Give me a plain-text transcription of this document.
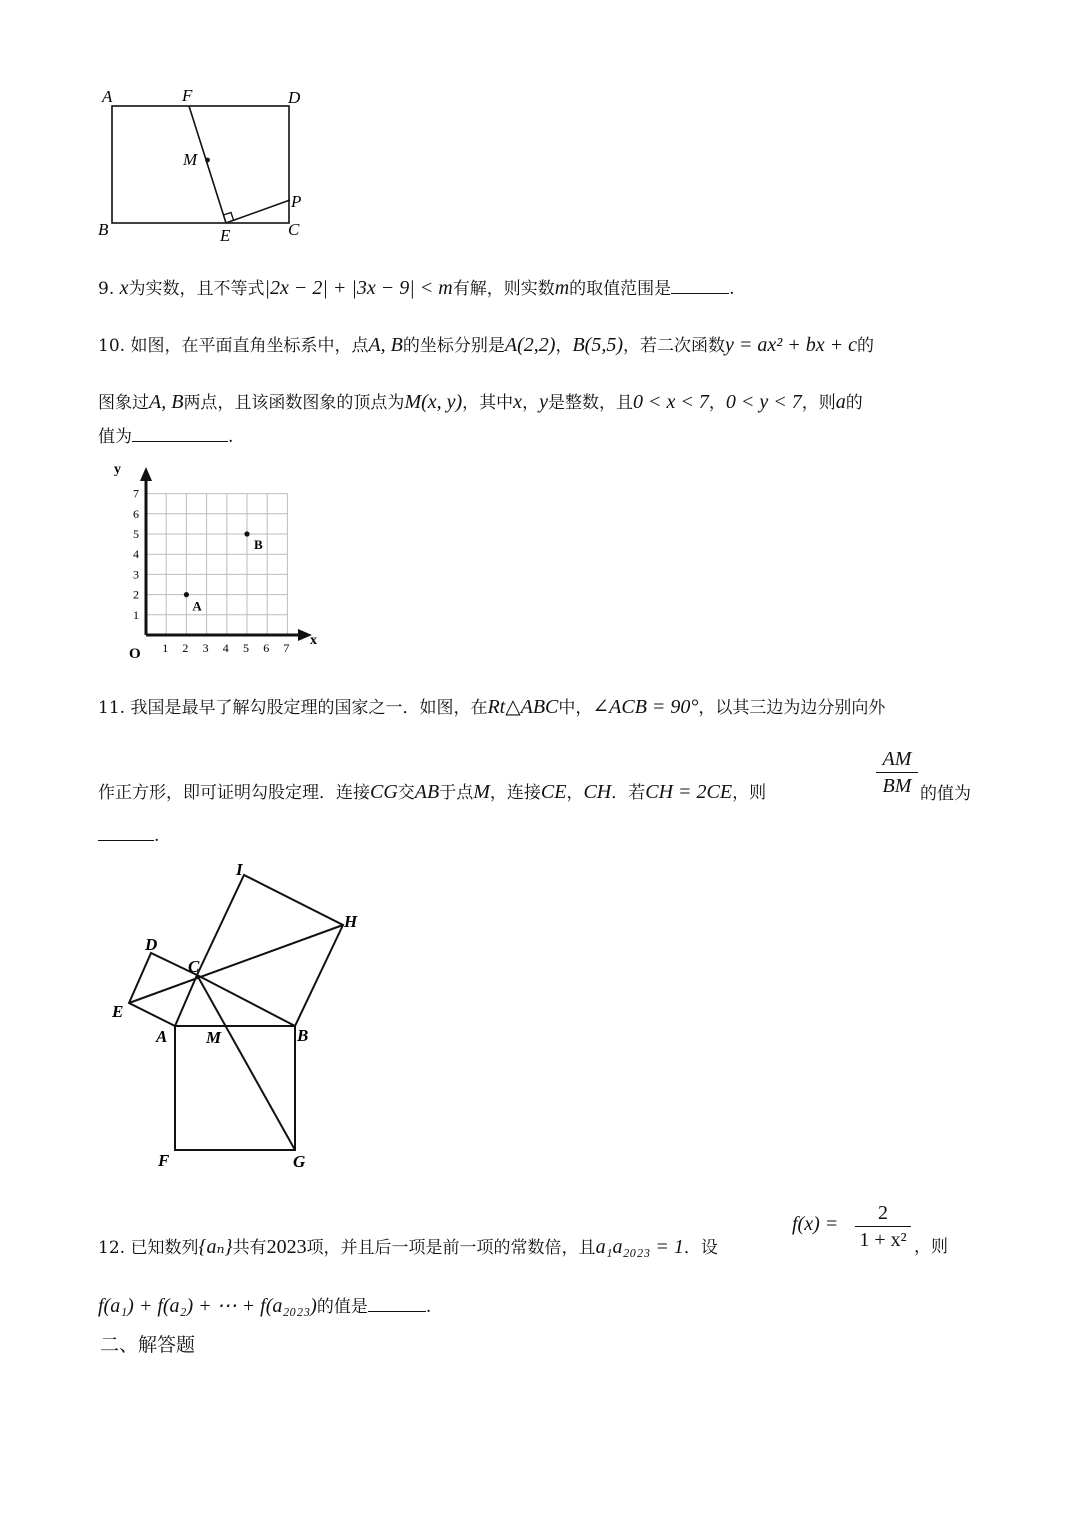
A	F	D
M
B	E	C
P
9. x为实数，且不等式|2x − 2| + |3x − 9| < m有解，则实数m的取值范围是	.
10. 如图，在平面直角坐标系中，点A, B的坐标分别是A(2,2)，B(5,5)，若二次函数y = ax² + bx + c的
图象过A, B两点，且该函数图象的顶点为M(x, y)，其中x，y是整数，且0 < x < 7，0 < y < 7，则a的
值为	.
1 2 3 4 5 6 7
1
2
3
4
5
6
7
O
y
x
A
B
11. 我国是最早了解勾股定理的国家之一．如图，在Rt△ABC中，∠ACB = 90°，以其三边为边分别向外
作正方形，即可证明勾股定理．连接CG交AB于点M，连接CE，CH．若CH = 2CE，则
AM
BM 的值为
.
I
H
D
C
E
A M	B
F	G
12. 已知数列{aₙ}共有2023项，并且后一项是前一项的常数倍，且a₁a₂₀₂₃ = 1．设
f(x) =	2
1 + x² ，则
f(a₁) + f(a₂) + ⋯ + f(a₂₀₂₃)的值是	.
二、解答题
